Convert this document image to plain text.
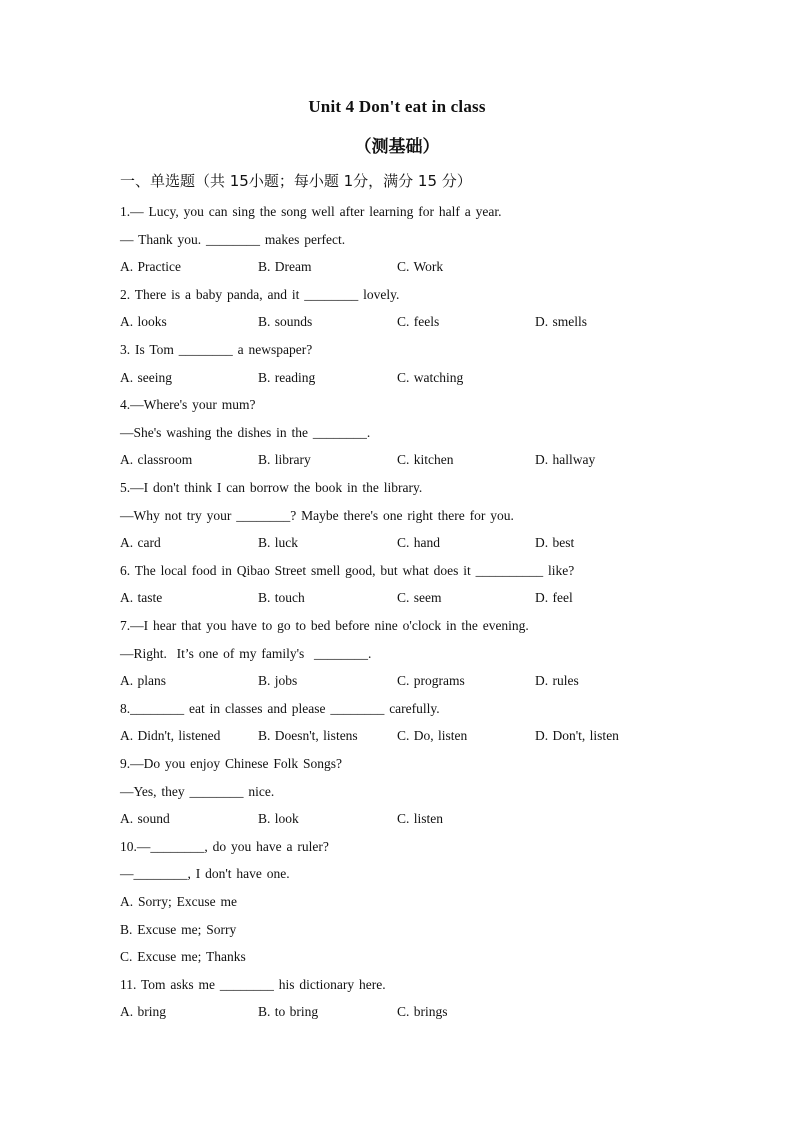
Unit 4 Don't eat in class
（测基础）
一、单选题（共 15小题；每小题 1分，满分 15 分）
1.— Lucy, you can sing the song well after learning for half a year.
— Thank you. ________ makes perfect.
A. Practice	B. Dream	C. Work
2. There is a baby panda, and it ________ lovely.
A. looks	B. sounds	C. feels	D. smells
3. Is Tom ________ a newspaper?
A. seeing	B. reading	C. watching
4.—Where's your mum?
—She's washing the dishes in the ________.
A. classroom	B. library	C. kitchen	D. hallway
5.—I don't think I can borrow the book in the library.
—Why not try your ________? Maybe there's one right there for you.
A. card	B. luck	C. hand	D. best
6. The local food in Qibao Street smell good, but what does it __________ like?
A. taste	B. touch	C. seem	D. feel
7.—I hear that you have to go to bed before nine o'clock in the evening.
—Right.  It’s one of my family's  ________.
A. plans	B. jobs	C. programs	D. rules
8.________ eat in classes and please ________ carefully.
A. Didn't, listened	B. Doesn't, listens	C. Do, listen	D. Don't, listen
9.—Do you enjoy Chinese Folk Songs?
—Yes, they ________ nice.
A. sound	B. look	C. listen
10.—________, do you have a ruler?
—________, I don't have one.
A. Sorry; Excuse me
B. Excuse me; Sorry
C. Excuse me; Thanks
11. Tom asks me ________ his dictionary here.
A. bring	B. to bring	C. brings
